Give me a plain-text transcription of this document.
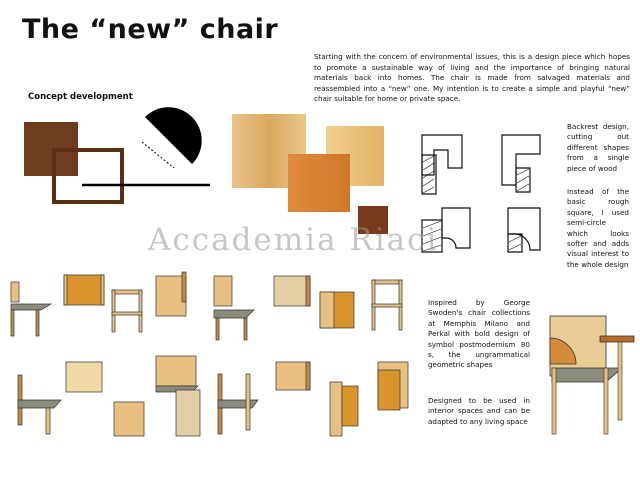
The “new” chair
Starting with the concern of environmental issues, this is a design piece which hopes to promote a sustainable way of living and the importance of bringing natural materials back into homes. The chair is made from salvaged materials and reassembled into a “new” one. My intention is to create a simple and playful “new” chair suitable for home or private space.
Concept development
Backrest design, cutting out different shapes from a single piece of wood
Instead of the basic rough square, I used semi-circle which looks softer and adds visual interest to the whole design
Accademia Riaci
Inspired by George Swoden’s chair collections at Memphis Milano and Perkal with bold design of symbol postmodernism 80 s, the ungrammatical geometric shapes
Designed to be used in interior spaces and can be adapted to any living space
